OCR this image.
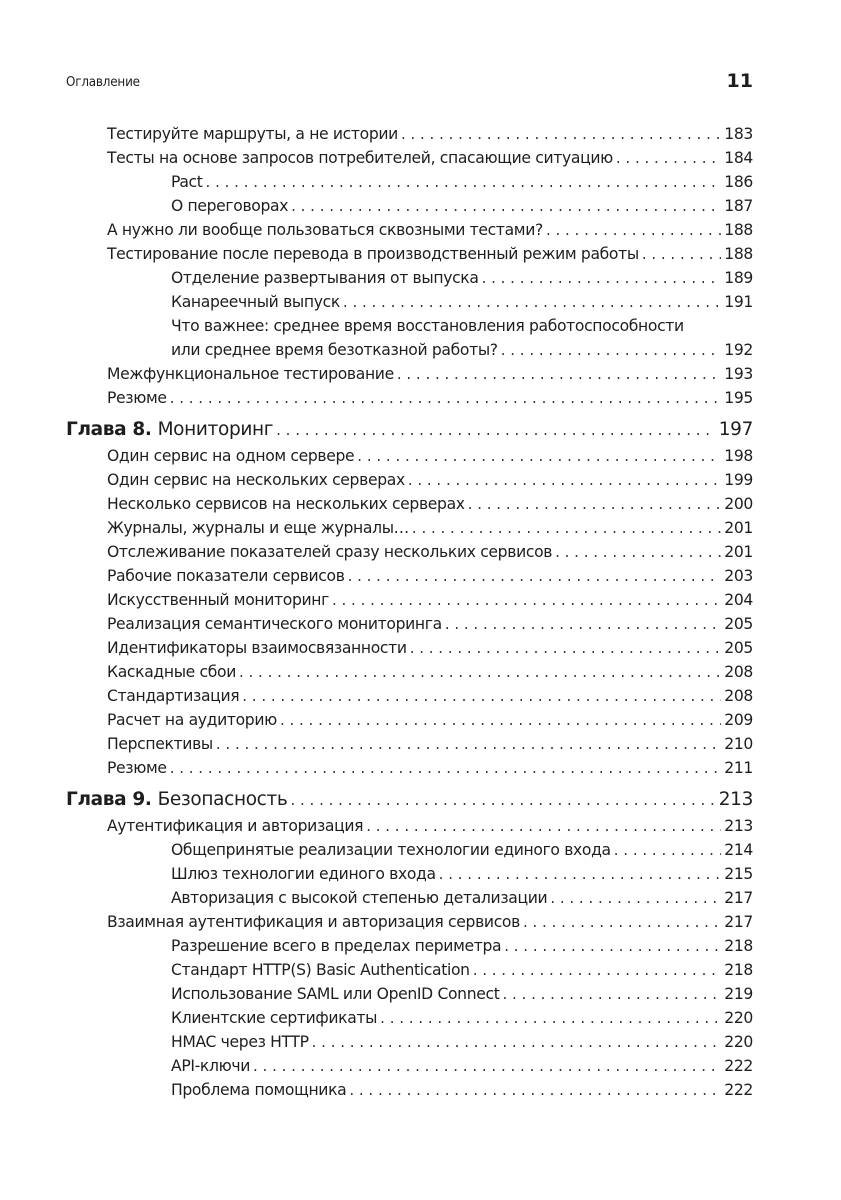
Оглавление	11
Тестируйте маршруты, а не истории . . .	183
Тесты на основе запросов потребителей, спасающие ситуацию . . .	184
Pact . . .	186
О переговорах . . .	187
А нужно ли вообще пользоваться сквозными тестами? . . .	188
Тестирование после перевода в производственный режим работы . . .	188
Отделение развертывания от выпуска . . .	189
Канареечный выпуск . . .	191
Что важнее: среднее время восстановления работоспособности
или среднее время безотказной работы? . . .	192
Межфункциональное тестирование . . .	193
Резюме . . .	195
Глава 8. Мониторинг . . .	197
Один сервис на одном сервере . . .	198
Один сервис на нескольких серверах . . .	199
Несколько сервисов на нескольких серверах . . .	200
Журналы, журналы и еще журналы… . . .	201
Отслеживание показателей сразу нескольких сервисов . . .	201
Рабочие показатели сервисов . . .	203
Искусственный мониторинг . . .	204
Реализация семантического мониторинга . . .	205
Идентификаторы взаимосвязанности . . .	205
Каскадные сбои . . .	208
Стандартизация . . .	208
Расчет на аудиторию . . .	209
Перспективы . . .	210
Резюме . . .	211
Глава 9. Безопасность . . .	213
Аутентификация и авторизация . . .	213
Общепринятые реализации технологии единого входа . . .	214
Шлюз технологии единого входа . . .	215
Авторизация с высокой степенью детализации . . .	217
Взаимная аутентификация и авторизация сервисов . . .	217
Разрешение всего в пределах периметра . . .	218
Стандарт HTTP(S) Basic Authentication . . .	218
Использование SAML или OpenID Connect . . .	219
Клиентские сертификаты . . .	220
HMAC через HTTP . . .	220
API-ключи . . .	222
Проблема помощника . . .	222
